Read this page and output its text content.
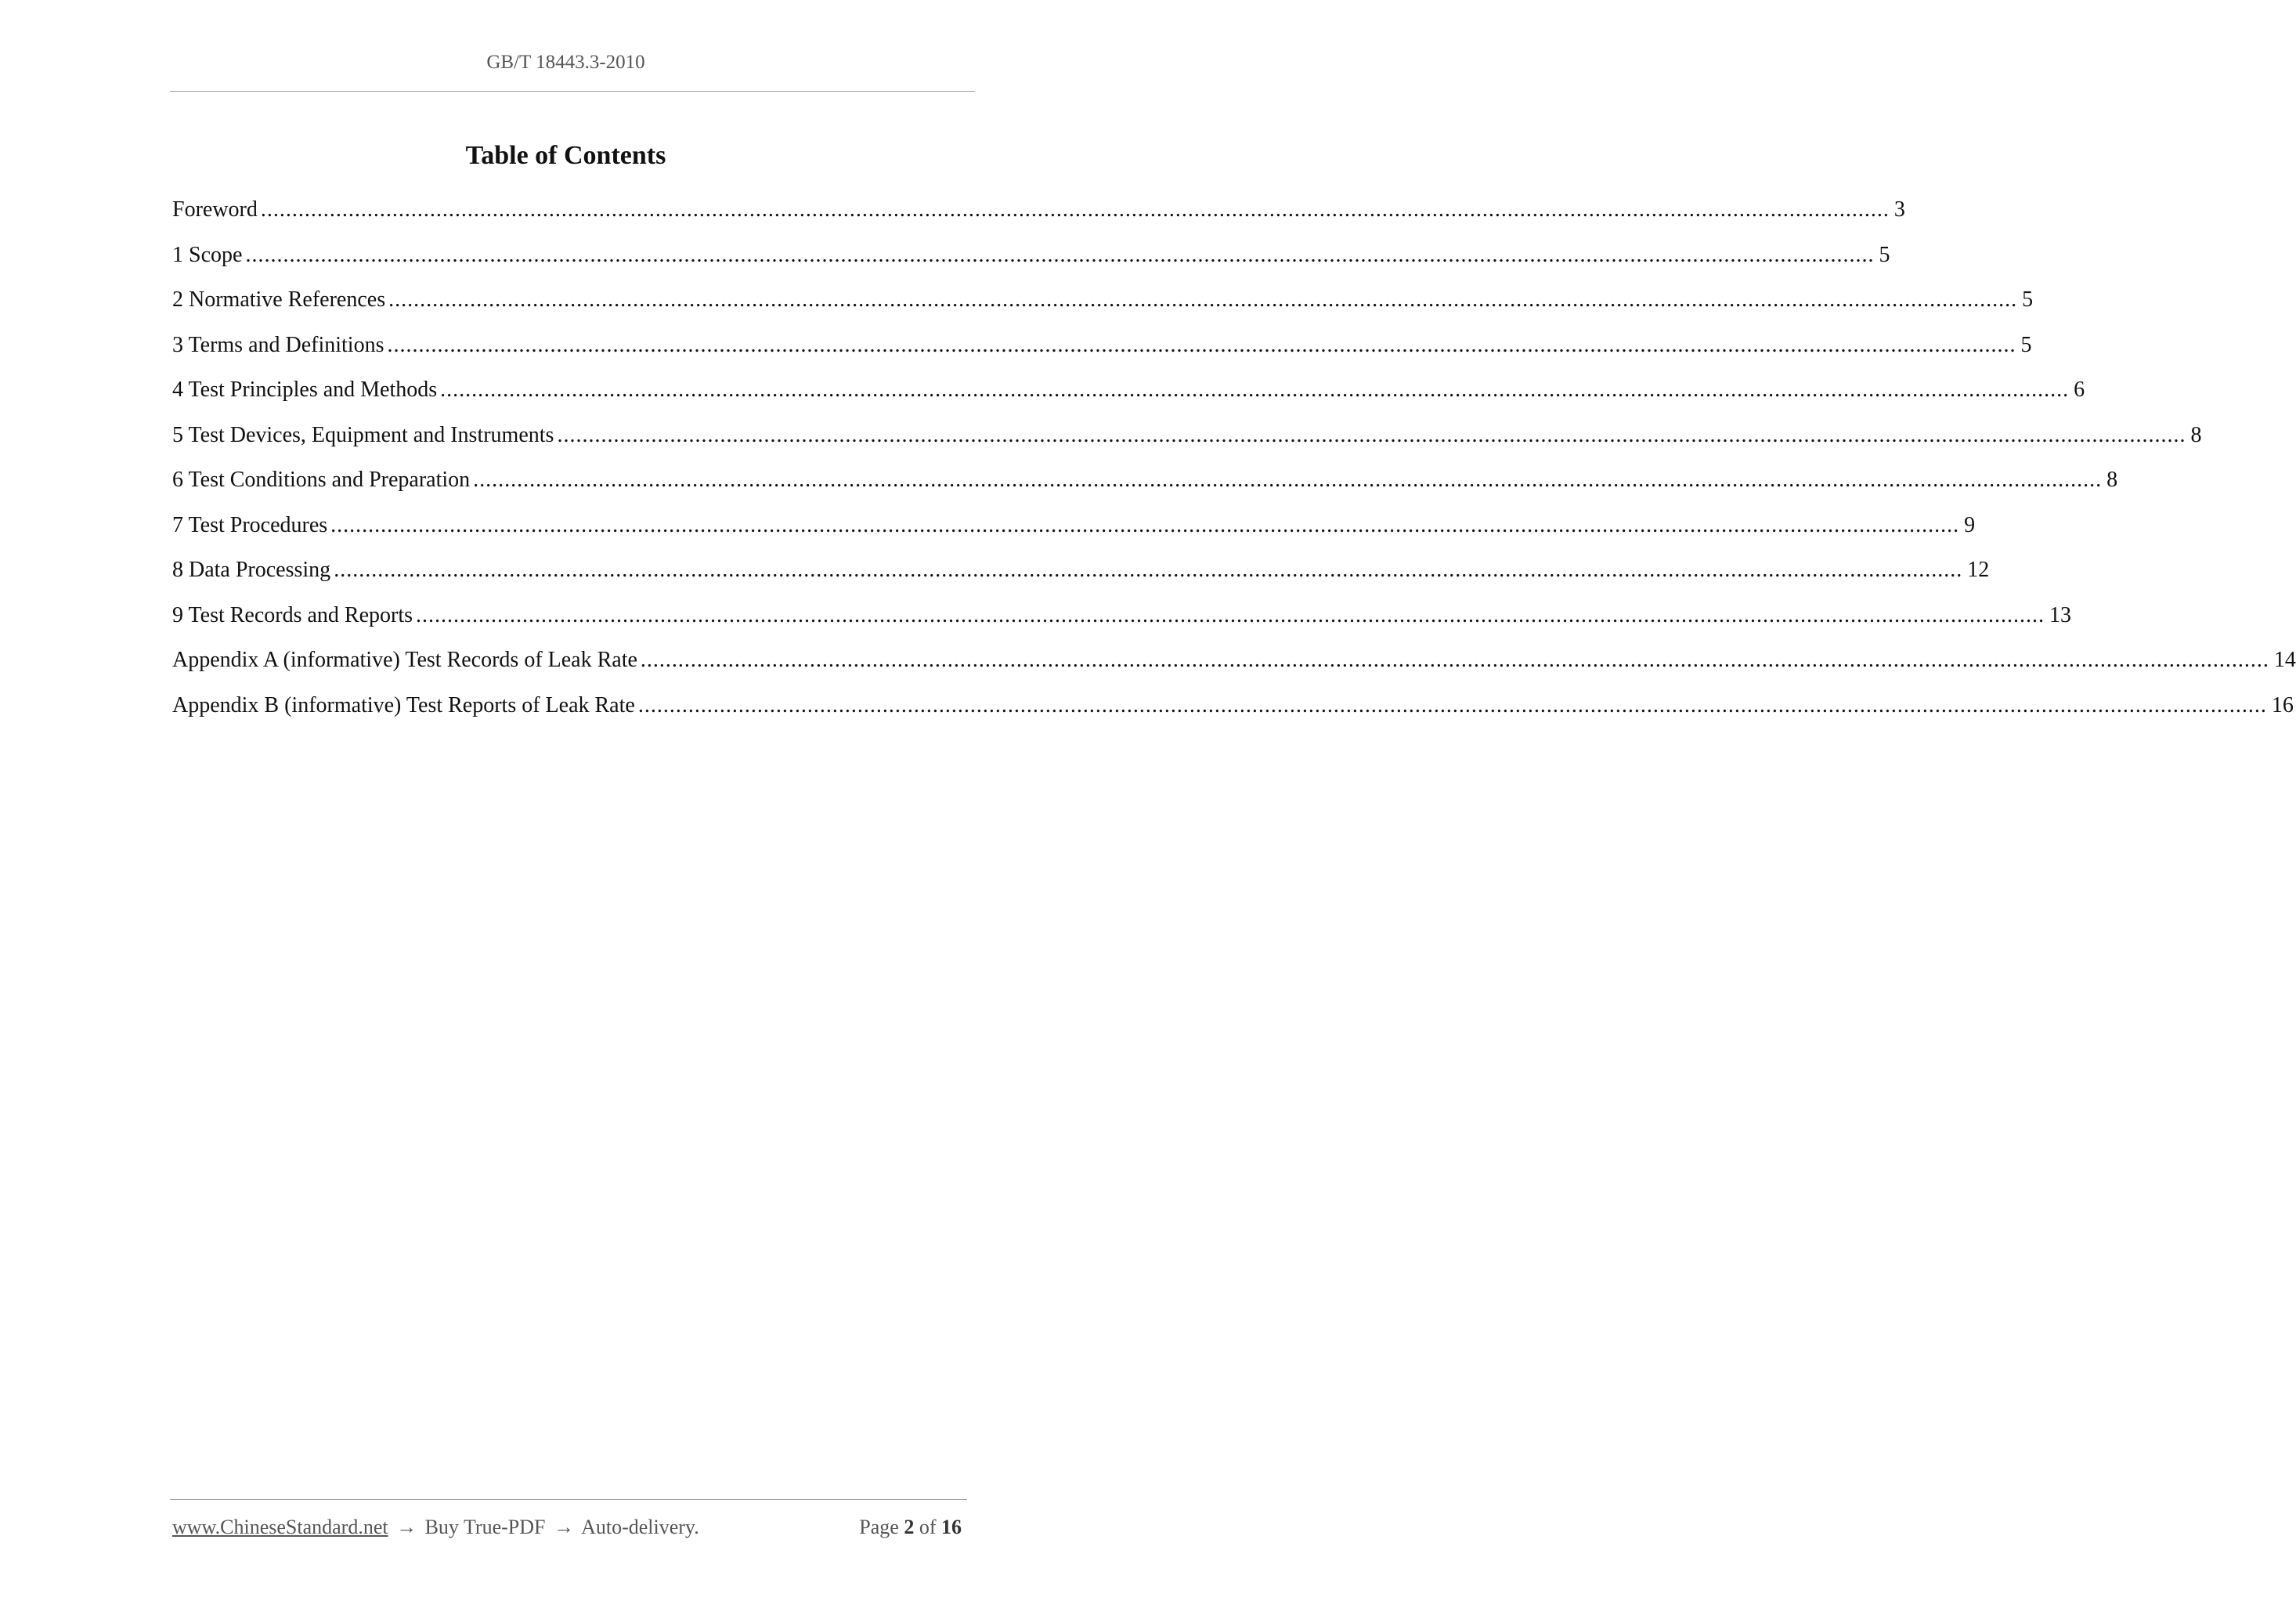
GB/T 18443.3-2010
Table of Contents
Foreword .................................................................................................................................................................................................................................................................... 3
1 Scope .................................................................................................................................................................................................................................................................... 5
2 Normative References .................................................................................................................................................................................................................................................................... 5
3 Terms and Definitions .................................................................................................................................................................................................................................................................... 5
4 Test Principles and Methods .................................................................................................................................................................................................................................................................... 6
5 Test Devices, Equipment and Instruments .................................................................................................................................................................................................................................................................... 8
6 Test Conditions and Preparation .................................................................................................................................................................................................................................................................... 8
7 Test Procedures .................................................................................................................................................................................................................................................................... 9
8 Data Processing .................................................................................................................................................................................................................................................................... 12
9 Test Records and Reports .................................................................................................................................................................................................................................................................... 13
Appendix A (informative) Test Records of Leak Rate .................................................................................................................................................................................................................................................................... 14
Appendix B (informative) Test Reports of Leak Rate .................................................................................................................................................................................................................................................................... 16
www.ChineseStandard.net → Buy True-PDF → Auto-delivery.	Page 2 of 16
